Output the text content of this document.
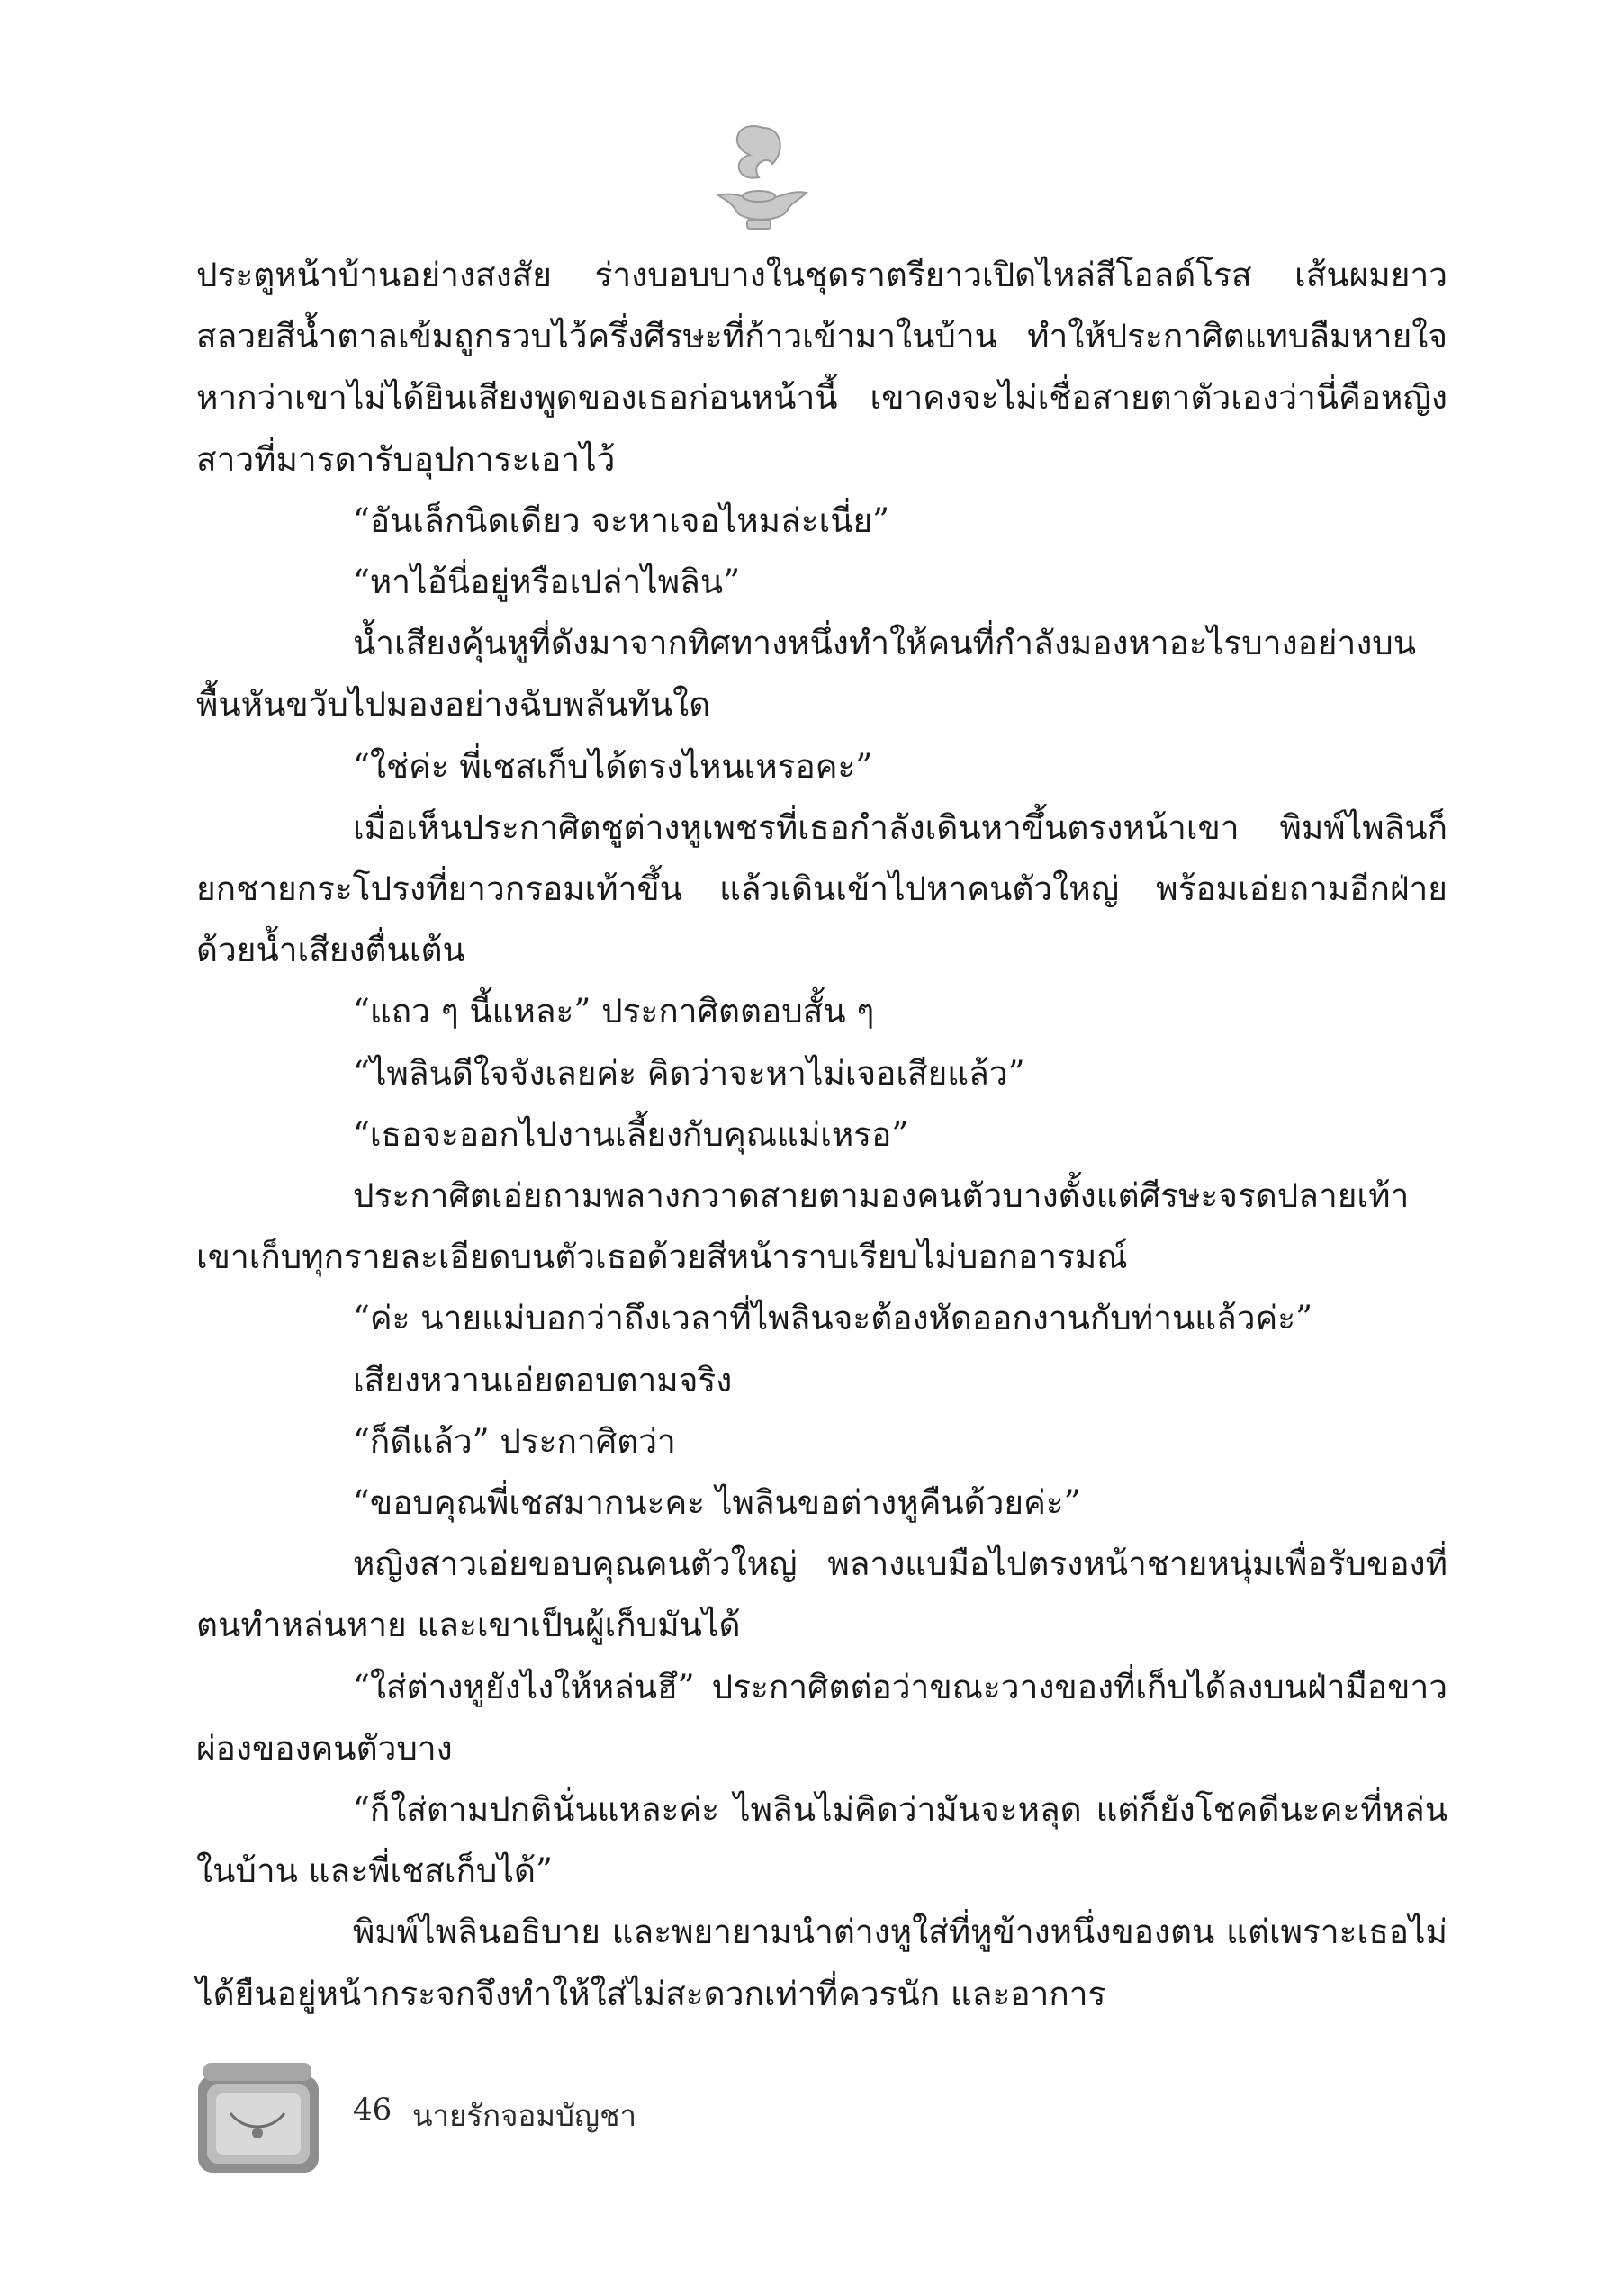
ประตูหน้าบ้านอย่างสงสัย ร่างบอบบางในชุดราตรียาวเปิดไหล่สีโอลด์โรส เส้นผมยาวสลวยสีน้ำตาลเข้มถูกรวบไว้ครึ่งศีรษะที่ก้าวเข้ามาในบ้าน ทำให้ประกาศิตแทบลืมหายใจ หากว่าเขาไม่ได้ยินเสียงพูดของเธอก่อนหน้านี้ เขาคงจะไม่เชื่อสายตาตัวเองว่านี่คือหญิงสาวที่มารดารับอุปการะเอาไว้

“อันเล็กนิดเดียว จะหาเจอไหมล่ะเนี่ย”

“หาไอ้นี่อยู่หรือเปล่าไพลิน”

น้ำเสียงคุ้นหูที่ดังมาจากทิศทางหนึ่งทำให้คนที่กำลังมองหาอะไรบางอย่างบนพื้นหันขวับไปมองอย่างฉับพลันทันใด

“ใช่ค่ะ พี่เชสเก็บได้ตรงไหนเหรอคะ”

เมื่อเห็นประกาศิตชูต่างหูเพชรที่เธอกำลังเดินหาขึ้นตรงหน้าเขา พิมพ์ไพลินก็ยกชายกระโปรงที่ยาวกรอมเท้าขึ้น แล้วเดินเข้าไปหาคนตัวใหญ่ พร้อมเอ่ยถามอีกฝ่ายด้วยน้ำเสียงตื่นเต้น

“แถว ๆ นี้แหละ” ประกาศิตตอบสั้น ๆ

“ไพลินดีใจจังเลยค่ะ คิดว่าจะหาไม่เจอเสียแล้ว”

“เธอจะออกไปงานเลี้ยงกับคุณแม่เหรอ”

ประกาศิตเอ่ยถามพลางกวาดสายตามองคนตัวบางตั้งแต่ศีรษะจรดปลายเท้า เขาเก็บทุกรายละเอียดบนตัวเธอด้วยสีหน้าราบเรียบไม่บอกอารมณ์

“ค่ะ นายแม่บอกว่าถึงเวลาที่ไพลินจะต้องหัดออกงานกับท่านแล้วค่ะ”

เสียงหวานเอ่ยตอบตามจริง

“ก็ดีแล้ว” ประกาศิตว่า

“ขอบคุณพี่เชสมากนะคะ ไพลินขอต่างหูคืนด้วยค่ะ”

หญิงสาวเอ่ยขอบคุณคนตัวใหญ่ พลางแบมือไปตรงหน้าชายหนุ่มเพื่อรับของที่ตนทำหล่นหาย และเขาเป็นผู้เก็บมันได้

“ใส่ต่างหูยังไงให้หล่นฮึ” ประกาศิตต่อว่าขณะวางของที่เก็บได้ลงบนฝ่ามือขาวผ่องของคนตัวบาง

“ก็ใส่ตามปกตินั่นแหละค่ะ ไพลินไม่คิดว่ามันจะหลุด แต่ก็ยังโชคดีนะคะที่หล่นในบ้าน และพี่เชสเก็บได้”

พิมพ์ไพลินอธิบาย และพยายามนำต่างหูใส่ที่หูข้างหนึ่งของตน แต่เพราะเธอไม่ได้ยืนอยู่หน้ากระจกจึงทำให้ใส่ไม่สะดวกเท่าที่ควรนัก และอาการ

46 นายรักจอมบัญชา
